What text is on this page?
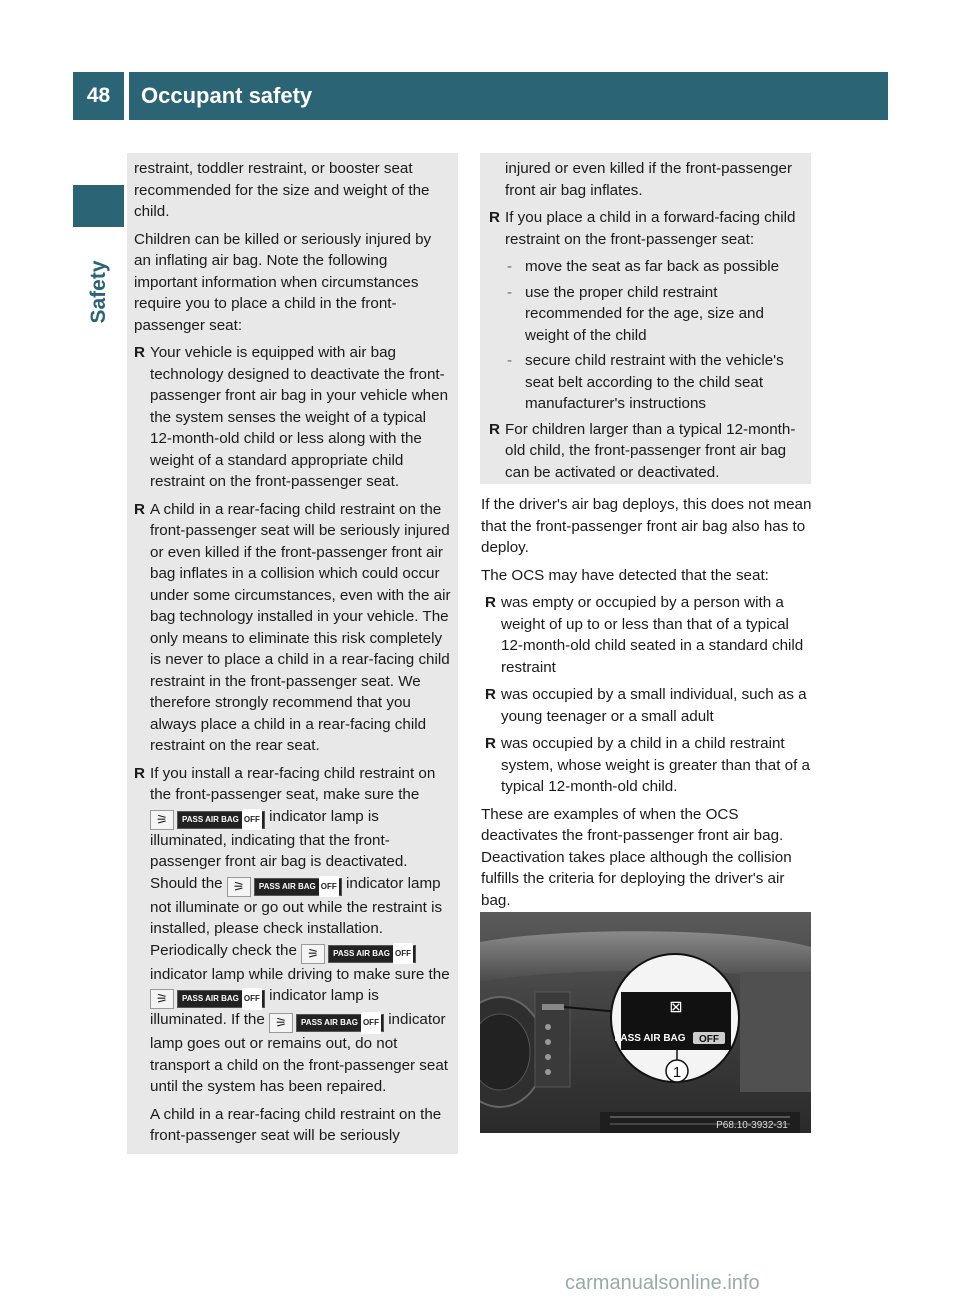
48	Occupant safety
Safety

restraint, toddler restraint, or booster seat recommended for the size and weight of the child.

Children can be killed or seriously injured by an inflating air bag. Note the following important information when circumstances require you to place a child in the front-passenger seat:

R Your vehicle is equipped with air bag technology designed to deactivate the front-passenger front air bag in your vehicle when the system senses the weight of a typical 12-month-old child or less along with the weight of a standard appropriate child restraint on the front-passenger seat.
R A child in a rear-facing child restraint on the front-passenger seat will be seriously injured or even killed if the front-passenger front air bag inflates in a collision which could occur under some circumstances, even with the air bag technology installed in your vehicle. The only means to eliminate this risk completely is never to place a child in a rear-facing child restraint in the front-passenger seat. We therefore strongly recommend that you always place a child in a rear-facing child restraint on the rear seat.
R If you install a rear-facing child restraint on the front-passenger seat, make sure the
⚞	PASS AIR BAG OFF indicator lamp is illuminated, indicating that the front-passenger front air bag is deactivated. Should the ⚞	PASS AIR BAG OFF indicator lamp not illuminate or go out while the restraint is installed, please check installation. Periodically check the ⚞	PASS AIR BAG OFF
indicator lamp while driving to make sure the
⚞	PASS AIR BAG OFF indicator lamp is illuminated. If the ⚞	PASS AIR BAG OFF indicator lamp goes out or remains out, do not transport a child on the front-passenger seat until the system has been repaired.

A child in a rear-facing child restraint on the front-passenger seat will be seriously

injured or even killed if the front-passenger front air bag inflates.

R If you place a child in a forward-facing child restraint on the front-passenger seat:
- move the seat as far back as possible
- use the proper child restraint recommended for the age, size and weight of the child
- secure child restraint with the vehicle's seat belt according to the child seat manufacturer's instructions
R For children larger than a typical 12-month-old child, the front-passenger front air bag can be activated or deactivated.

If the driver's air bag deploys, this does not mean that the front-passenger front air bag also has to deploy.

The OCS may have detected that the seat:

R was empty or occupied by a person with a weight of up to or less than that of a typical 12-month-old child seated in a standard child restraint
R was occupied by a small individual, such as a young teenager or a small adult
R was occupied by a child in a child restraint system, whose weight is greater than that of a typical 12-month-old child.

These are examples of when the OCS deactivates the front-passenger front air bag. Deactivation takes place although the collision fulfills the criteria for deploying the driver's air bag.

⊠
PASS AIR BAG OFF
1
P68.10-3932-31
carmanualsonline.info
